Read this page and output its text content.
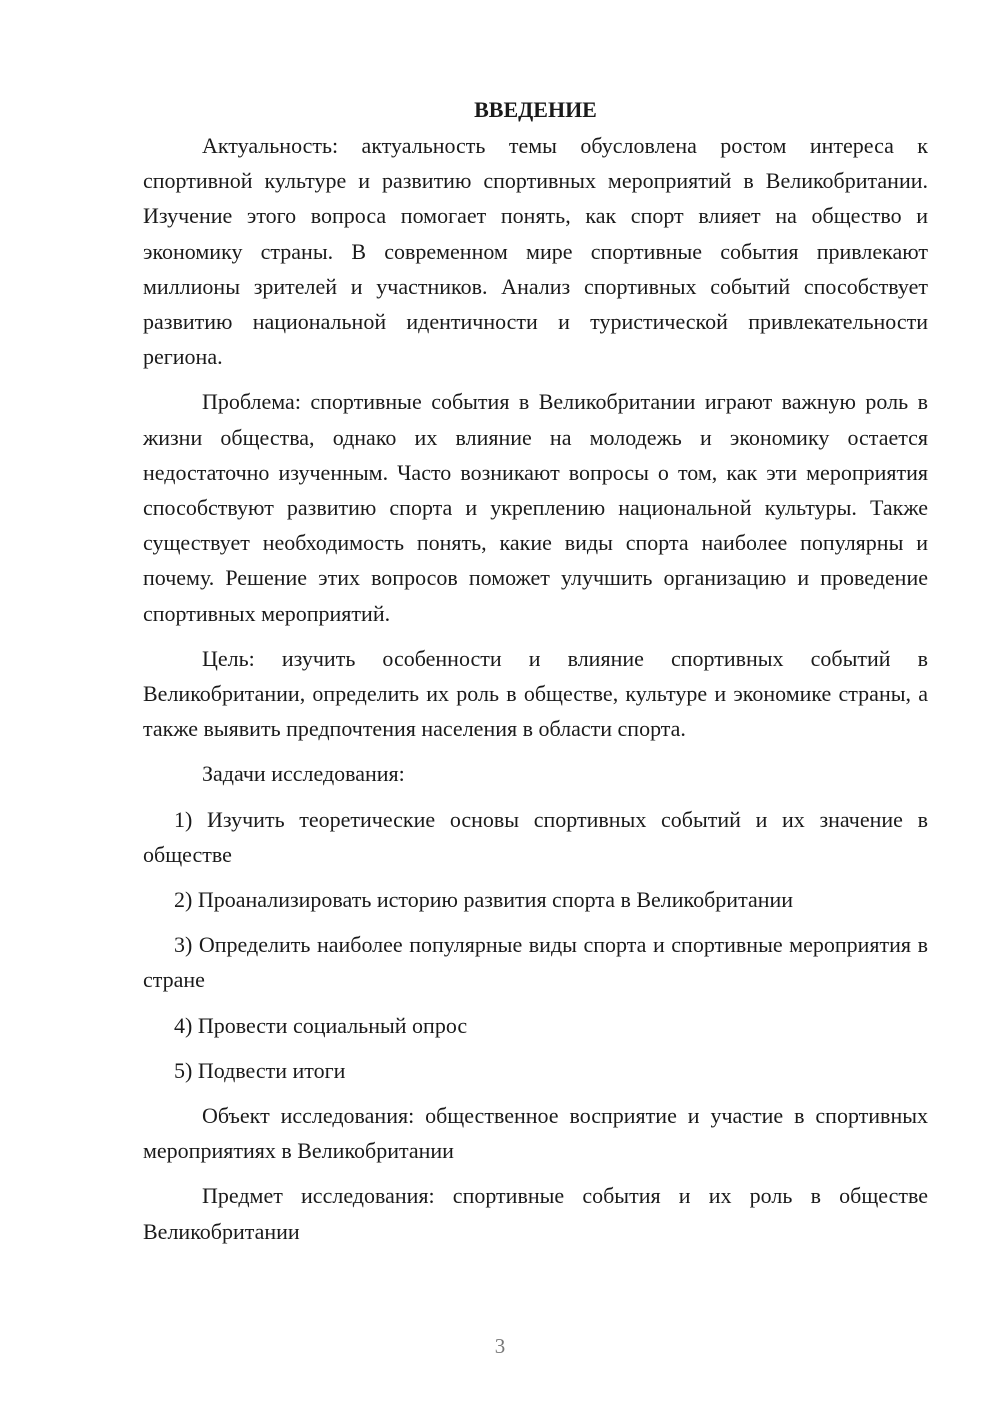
ВВЕДЕНИЕ

Актуальность: актуальность темы обусловлена ростом интереса к спортивной культуре и развитию спортивных мероприятий в Великобритании. Изучение этого вопроса помогает понять, как спорт влияет на общество и экономику страны. В современном мире спортивные события привлекают миллионы зрителей и участников. Анализ спортивных событий способствует развитию национальной идентичности и туристической привлекательности региона.

Проблема: спортивные события в Великобритании играют важную роль в жизни общества, однако их влияние на молодежь и экономику остается недостаточно изученным. Часто возникают вопросы о том, как эти мероприятия способствуют развитию спорта и укреплению национальной культуры. Также существует необходимость понять, какие виды спорта наиболее популярны и почему. Решение этих вопросов поможет улучшить организацию и проведение спортивных мероприятий.

Цель: изучить особенности и влияние спортивных событий в Великобритании, определить их роль в обществе, культуре и экономике страны, а также выявить предпочтения населения в области спорта.

Задачи исследования:

1) Изучить теоретические основы спортивных событий и их значение в обществе

2) Проанализировать историю развития спорта в Великобритании

3) Определить наиболее популярные виды спорта и спортивные мероприятия в стране

4) Провести социальный опрос

5) Подвести итоги

Объект исследования: общественное восприятие и участие в спортивных мероприятиях в Великобритании

Предмет исследования: спортивные события и их роль в обществе Великобритании

3
